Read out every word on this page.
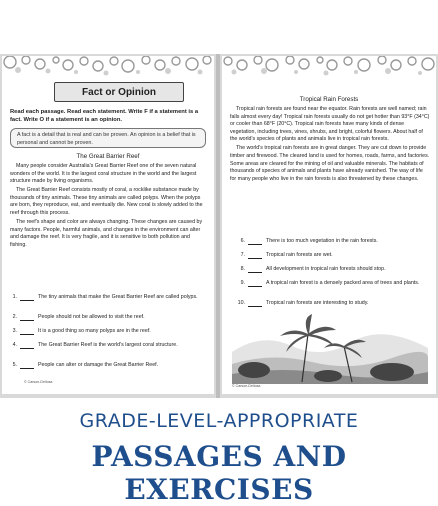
Fact or Opinion
Read each passage. Read each statement. Write F if a statement is a fact. Write O if a statement is an opinion.
A fact is a detail that is real and can be proven. An opinion is a belief that is personal and cannot be proven.
The Great Barrier Reef

Many people consider Australia's Great Barrier Reef one of the seven natural wonders of the world. It is the largest coral structure in the world and the largest structure made by living organisms.

The Great Barrier Reef consists mostly of coral, a rocklike substance made by thousands of tiny animals. These tiny animals are called polyps. When the polyps are born, they reproduce, eat, and eventually die. New coral is slowly added to the reef through this process.

The reef's shape and color are always changing. These changes are caused by many factors. People, harmful animals, and changes in the environment can alter and damage the reef. It is very fragile, and it is sensitive to both pollution and fishing.

1.	The tiny animals that make the Great Barrier Reef are called polyps.
2.	People should not be allowed to visit the reef.
3.	It is a good thing so many polyps are in the reef.
4.	The Great Barrier Reef is the world's largest coral structure.
5.	People can alter or damage the Great Barrier Reef.
© Carson-Dellosa
Tropical Rain Forests

Tropical rain forests are found near the equator. Rain forests are well named; rain falls almost every day! Tropical rain forests usually do not get hotter than 93°F (34°C) or cooler than 68°F (20°C). Tropical rain forests have many kinds of dense vegetation, including trees, vines, shrubs, and bright, colorful flowers. About half of the world's species of plants and animals live in tropical rain forests.

The world's tropical rain forests are in great danger. They are cut down to provide timber and firewood. The cleared land is used for homes, roads, farms, and factories. Some areas are cleared for the mining of oil and valuable minerals. The habitats of thousands of species of animals and plants have already vanished. The way of life for many people who live in the rain forests is also threatened by these changes.

6.	There is too much vegetation in the rain forests.
7.	Tropical rain forests are wet.
8.	All development in tropical rain forests should stop.
9.	A tropical rain forest is a densely packed area of trees and plants.
10.	Tropical rain forests are interesting to study.
© Carson-Dellosa
GRADE-LEVEL-APPROPRIATE
PASSAGES AND EXERCISES
